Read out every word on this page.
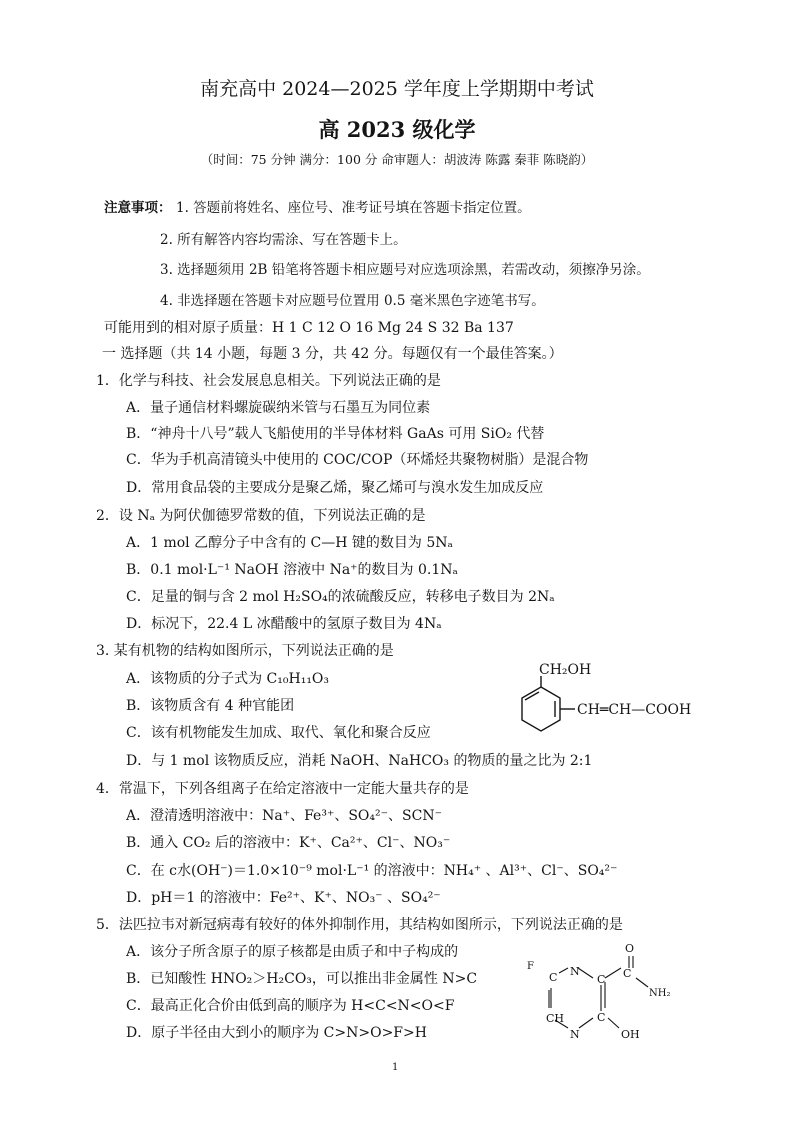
南充高中 2024—2025 学年度上学期期中考试
高 2023 级化学
（时间：75 分钟 满分：100 分 命审题人：胡波涛 陈露 秦菲 陈晓韵）
注意事项： 1. 答题前将姓名、座位号、准考证号填在答题卡指定位置。
2. 所有解答内容均需涂、写在答题卡上。
3. 选择题须用 2B 铅笔将答题卡相应题号对应选项涂黑，若需改动，须擦净另涂。
4. 非选择题在答题卡对应题号位置用 0.5 毫米黑色字迹笔书写。
可能用到的相对原子质量：H 1 C 12 O 16 Mg 24 S 32 Ba 137
一 选择题（共 14 小题，每题 3 分，共 42 分。每题仅有一个最佳答案。）
1．化学与科技、社会发展息息相关。下列说法正确的是
A．量子通信材料螺旋碳纳米管与石墨互为同位素
B．“神舟十八号”载人飞船使用的半导体材料 GaAs 可用 SiO₂ 代替
C．华为手机高清镜头中使用的 COC/COP（环烯烃共聚物树脂）是混合物
D．常用食品袋的主要成分是聚乙烯，聚乙烯可与溴水发生加成反应
2．设 Nₐ 为阿伏伽德罗常数的值，下列说法正确的是
A．1 mol 乙醇分子中含有的 C—H 键的数目为 5Nₐ
B．0.1 mol·L⁻¹ NaOH 溶液中 Na⁺的数目为 0.1Nₐ
C．足量的铜与含 2 mol H₂SO₄的浓硫酸反应，转移电子数目为 2Nₐ
D．标况下，22.4 L 冰醋酸中的氢原子数目为 4Nₐ
3. 某有机物的结构如图所示，下列说法正确的是
A．该物质的分子式为 C₁₀H₁₁O₃
B．该物质含有 4 种官能团
C．该有机物能发生加成、取代、氧化和聚合反应
D．与 1 mol 该物质反应，消耗 NaOH、NaHCO₃ 的物质的量之比为 2:1
CH₂OH
CH═CH—COOH
4．常温下，下列各组离子在给定溶液中一定能大量共存的是
A．澄清透明溶液中：Na⁺、Fe³⁺、SO₄²⁻、SCN⁻
B．通入 CO₂ 后的溶液中：K⁺、Ca²⁺、Cl⁻、NO₃⁻
C．在 c水(OH⁻)＝1.0×10⁻⁹ mol·L⁻¹ 的溶液中：NH₄⁺ 、Al³⁺、Cl⁻、SO₄²⁻
D．pH＝1 的溶液中：Fe²⁺、K⁺、NO₃⁻ 、SO₄²⁻
5．法匹拉韦对新冠病毒有较好的体外抑制作用，其结构如图所示，下列说法正确的是
A．该分子所含原子的原子核都是由质子和中子构成的
B．已知酸性 HNO₂＞H₂CO₃，可以推出非金属性 N>C
C．最高正化合价由低到高的顺序为 H<C<N<O<F
D．原子半径由大到小的顺序为 C>N>O>F>H
C	C C
C
O
NH₂
F	N
CH
N	OH
1
